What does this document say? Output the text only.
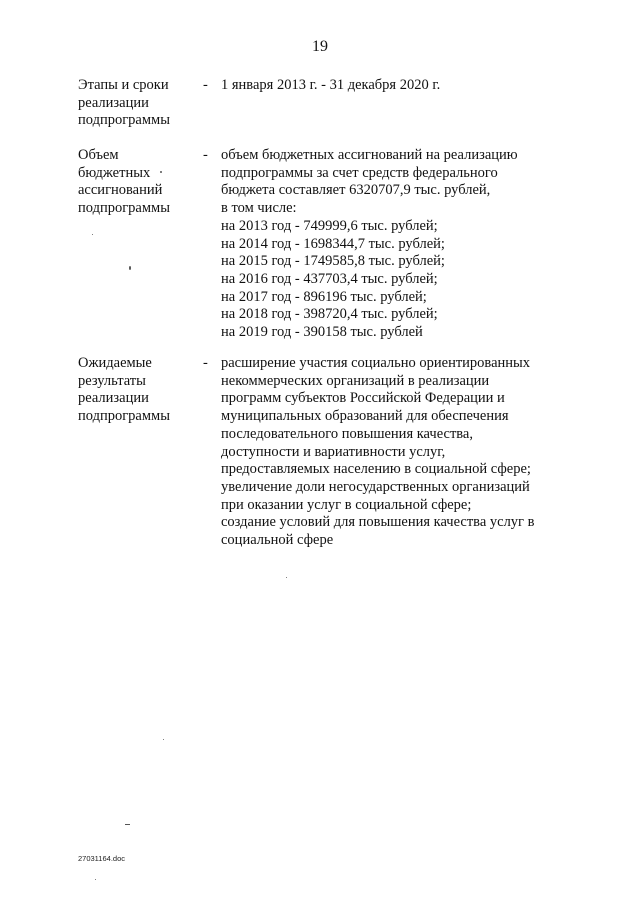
19
Этапы и сроки
реализации
подпрограммы
- 1 января 2013 г. - 31 декабря 2020 г.
Объем
бюджетных
ассигнований
подпрограммы
- объем бюджетных ассигнований на реализацию
подпрограммы за счет средств федерального
бюджета составляет 6320707,9 тыс. рублей,
в том числе:
на 2013 год - 749999,6 тыс. рублей;
на 2014 год - 1698344,7 тыс. рублей;
на 2015 год - 1749585,8 тыс. рублей;
на 2016 год - 437703,4 тыс. рублей;
на 2017 год - 896196 тыс. рублей;
на 2018 год - 398720,4 тыс. рублей;
на 2019 год - 390158 тыс. рублей
Ожидаемые
результаты
реализации
подпрограммы
- расширение участия социально ориентированных
некоммерческих организаций в реализации
программ субъектов Российской Федерации и
муниципальных образований для обеспечения
последовательного повышения качества,
доступности и вариативности услуг,
предоставляемых населению в социальной сфере;
увеличение доли негосударственных организаций
при оказании услуг в социальной сфере;
создание условий для повышения качества услуг в
социальной сфере
27031164.doc
